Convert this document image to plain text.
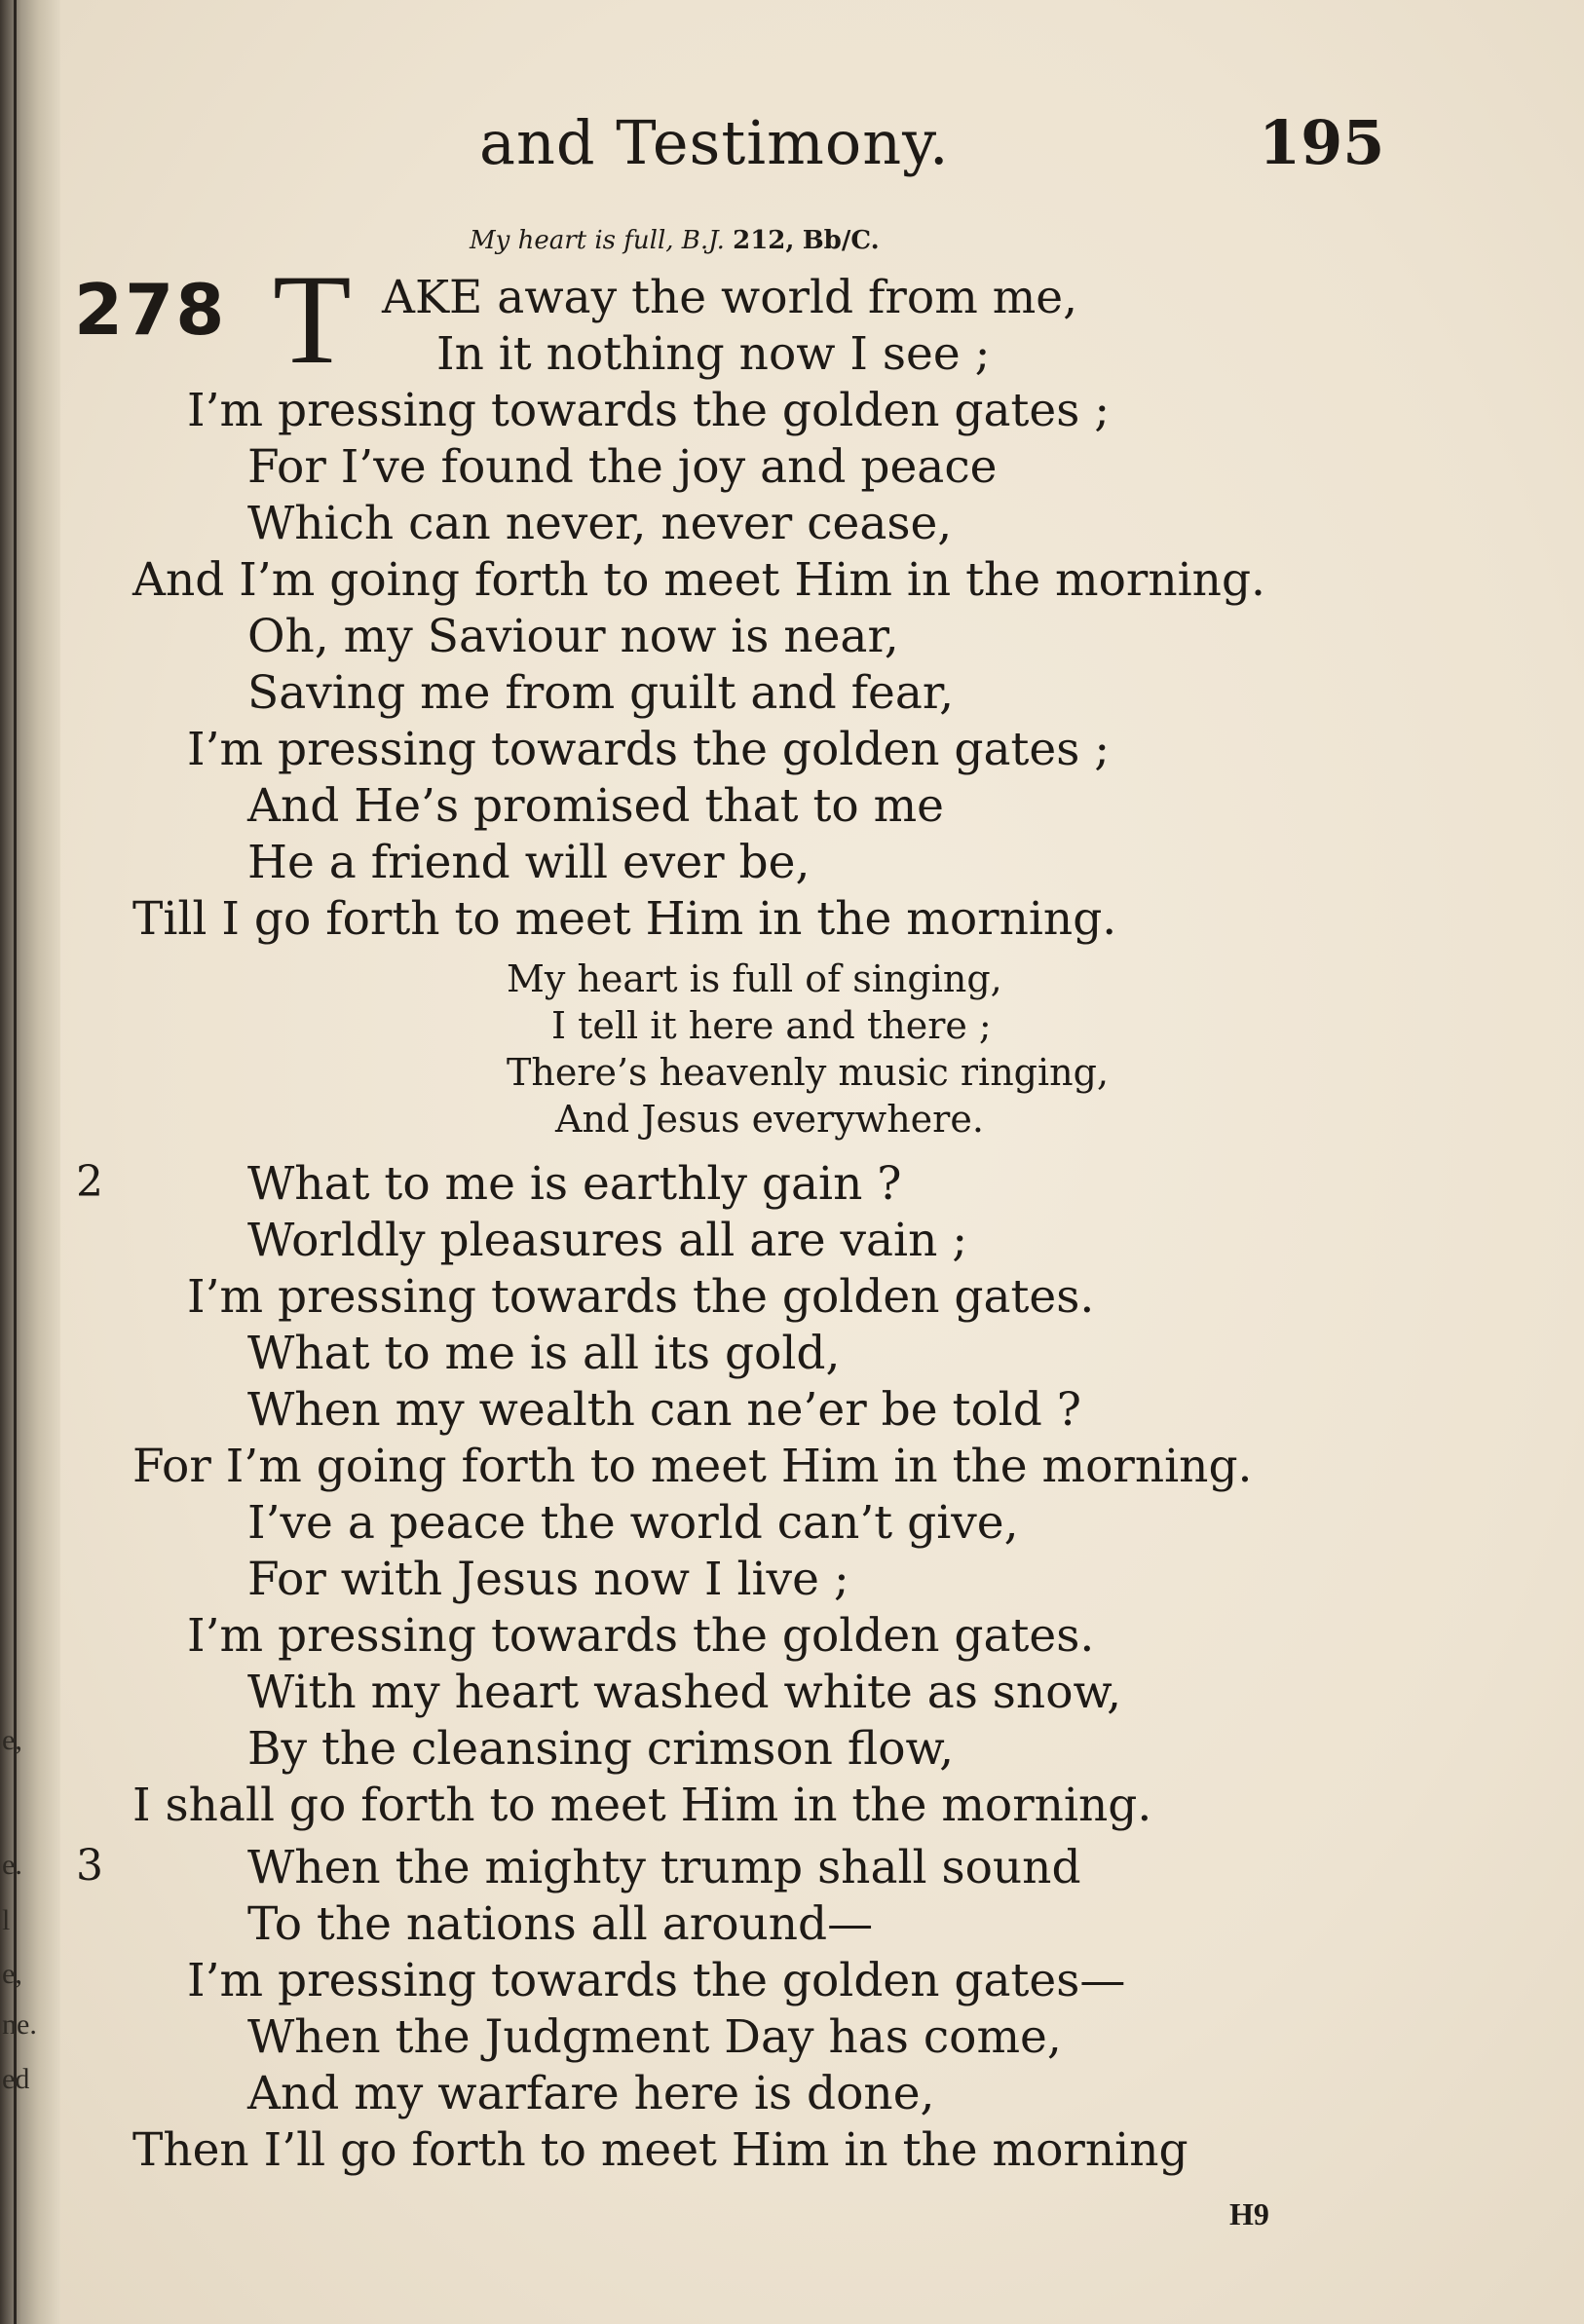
e,
e.
l
e,
ne.
ed
and Testimony.	195
My heart is full, B.J. 212, Bb/C.
278 T AKE away the world from me,
In it nothing now I see ;
I’m pressing towards the golden gates ;
For I’ve found the joy and peace
Which can never, never cease,
And I’m going forth to meet Him in the morning.
Oh, my Saviour now is near,
Saving me from guilt and fear,
I’m pressing towards the golden gates ;
And He’s promised that to me
He a friend will ever be,
Till I go forth to meet Him in the morning.
My heart is full of singing,
I tell it here and there ;
There’s heavenly music ringing,
And Jesus everywhere.
2	What to me is earthly gain ?
Worldly pleasures all are vain ;
I’m pressing towards the golden gates.
What to me is all its gold,
When my wealth can ne’er be told ?
For I’m going forth to meet Him in the morning.
I’ve a peace the world can’t give,
For with Jesus now I live ;
I’m pressing towards the golden gates.
With my heart washed white as snow,
By the cleansing crimson flow,
I shall go forth to meet Him in the morning.
3	When the mighty trump shall sound
To the nations all around—
I’m pressing towards the golden gates—
When the Judgment Day has come,
And my warfare here is done,
Then I’ll go forth to meet Him in the morning
H9
